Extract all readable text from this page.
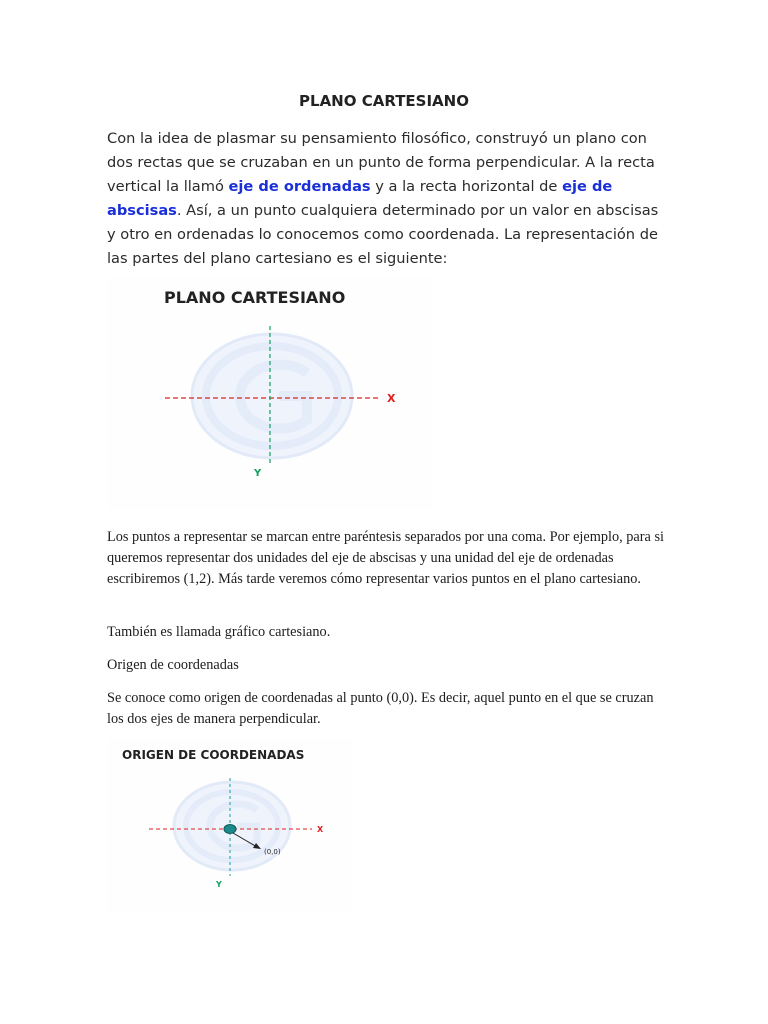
PLANO CARTESIANO

Con la idea de plasmar su pensamiento filosófico, construyó un plano con dos rectas que se cruzaban en un punto de forma perpendicular. A la recta vertical la llamó eje de ordenadas y a la recta horizontal de eje de abscisas. Así, a un punto cualquiera determinado por un valor en abscisas y otro en ordenadas lo conocemos como coordenada. La representación de las partes del plano cartesiano es el siguiente:

PLANO CARTESIANO
X
Y

Los puntos a representar se marcan entre paréntesis separados por una coma. Por ejemplo, para si queremos representar dos unidades del eje de abscisas y una unidad del eje de ordenadas escribiremos (1,2). Más tarde veremos cómo representar varios puntos en el plano cartesiano.

También es llamada gráfico cartesiano.

Origen de coordenadas

Se conoce como origen de coordenadas al punto (0,0). Es decir, aquel punto en el que se cruzan los dos ejes de manera perpendicular.

ORIGEN DE COORDENADAS
(0,0)
X
Y
